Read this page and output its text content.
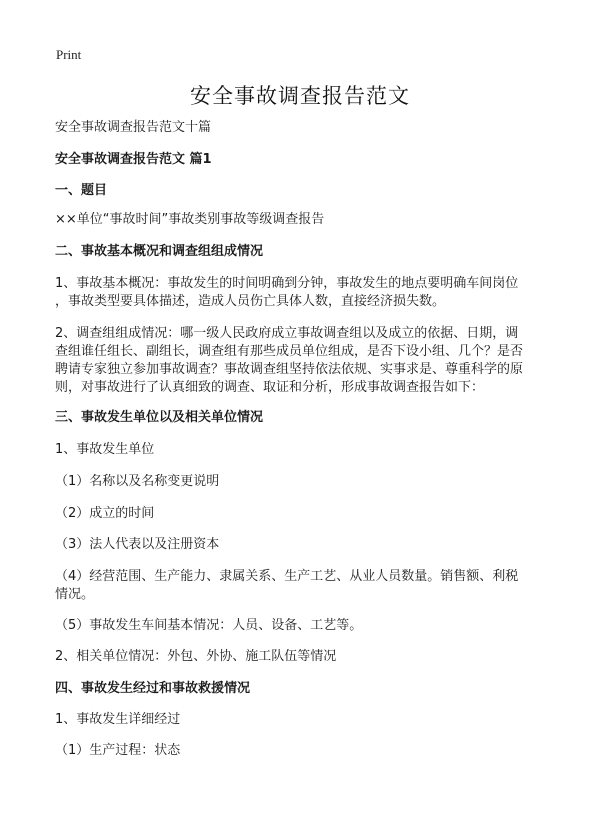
Print
安全事故调查报告范文
安全事故调查报告范文十篇
安全事故调查报告范文 篇1
一、题目
××单位“事故时间”事故类别事故等级调查报告
二、事故基本概况和调查组组成情况
1、事故基本概况：事故发生的时间明确到分钟，事故发生的地点要明确车间岗位
，事故类型要具体描述，造成人员伤亡具体人数，直接经济损失数。
2、调查组组成情况：哪一级人民政府成立事故调查组以及成立的依据、日期，调
查组谁任组长、副组长，调查组有那些成员单位组成，是否下设小组、几个？是否
聘请专家独立参加事故调查？事故调查组坚持依法依规、实事求是、尊重科学的原
则，对事故进行了认真细致的调查、取证和分析，形成事故调查报告如下：
三、事故发生单位以及相关单位情况
1、事故发生单位
（1）名称以及名称变更说明
（2）成立的时间
（3）法人代表以及注册资本
（4）经营范围、生产能力、隶属关系、生产工艺、从业人员数量。销售额、利税
情况。
（5）事故发生车间基本情况：人员、设备、工艺等。
2、相关单位情况：外包、外协、施工队伍等情况
四、事故发生经过和事故救援情况
1、事故发生详细经过
（1）生产过程：状态
